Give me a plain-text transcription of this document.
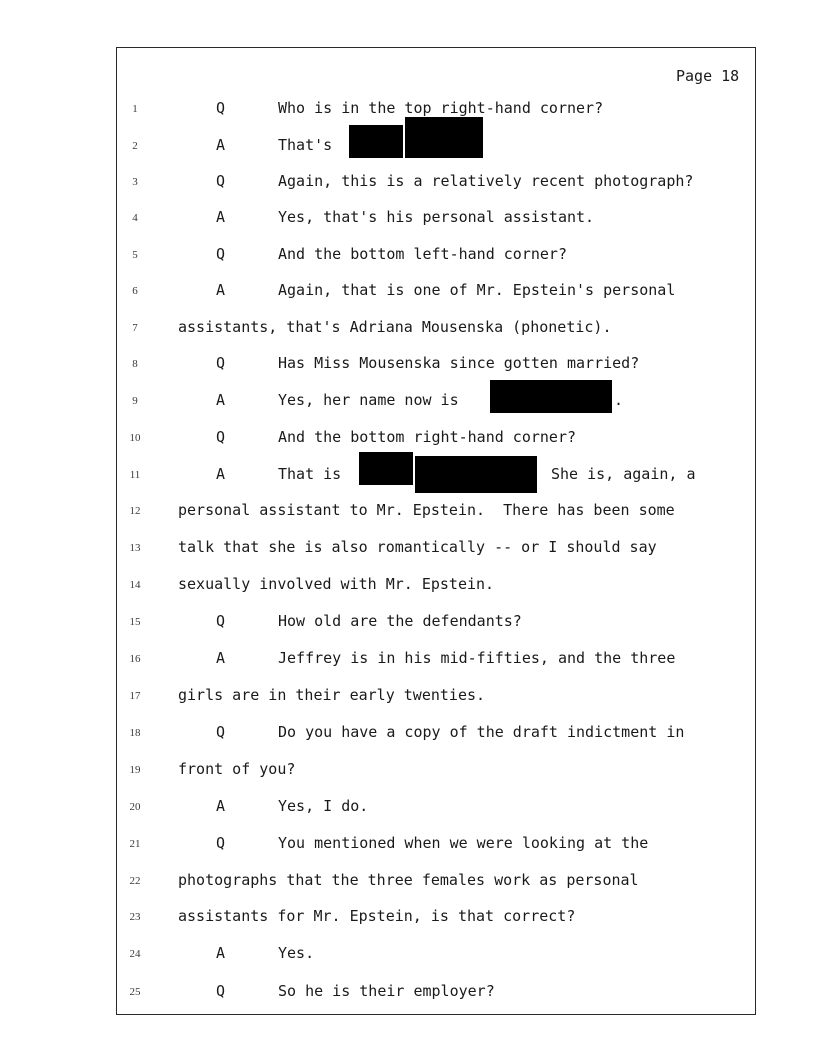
Page 18
1	Q	Who is in the top right-hand corner?
2	A	That's
3	Q	Again, this is a relatively recent photograph?
4	A	Yes, that's his personal assistant.
5	Q	And the bottom left-hand corner?
6	A	Again, that is one of Mr. Epstein's personal
7	assistants, that's Adriana Mousenska (phonetic).
8	Q	Has Miss Mousenska since gotten married?
9	A	Yes, her name now is	.
10	Q	And the bottom right-hand corner?
11	A	That is	She is, again, a
12	personal assistant to Mr. Epstein.  There has been some
13	talk that she is also romantically -- or I should say
14	sexually involved with Mr. Epstein.
15	Q	How old are the defendants?
16	A	Jeffrey is in his mid-fifties, and the three
17	girls are in their early twenties.
18	Q	Do you have a copy of the draft indictment in
19	front of you?
20	A	Yes, I do.
21	Q	You mentioned when we were looking at the
22	photographs that the three females work as personal
23	assistants for Mr. Epstein, is that correct?
24	A	Yes.
25	Q	So he is their employer?
